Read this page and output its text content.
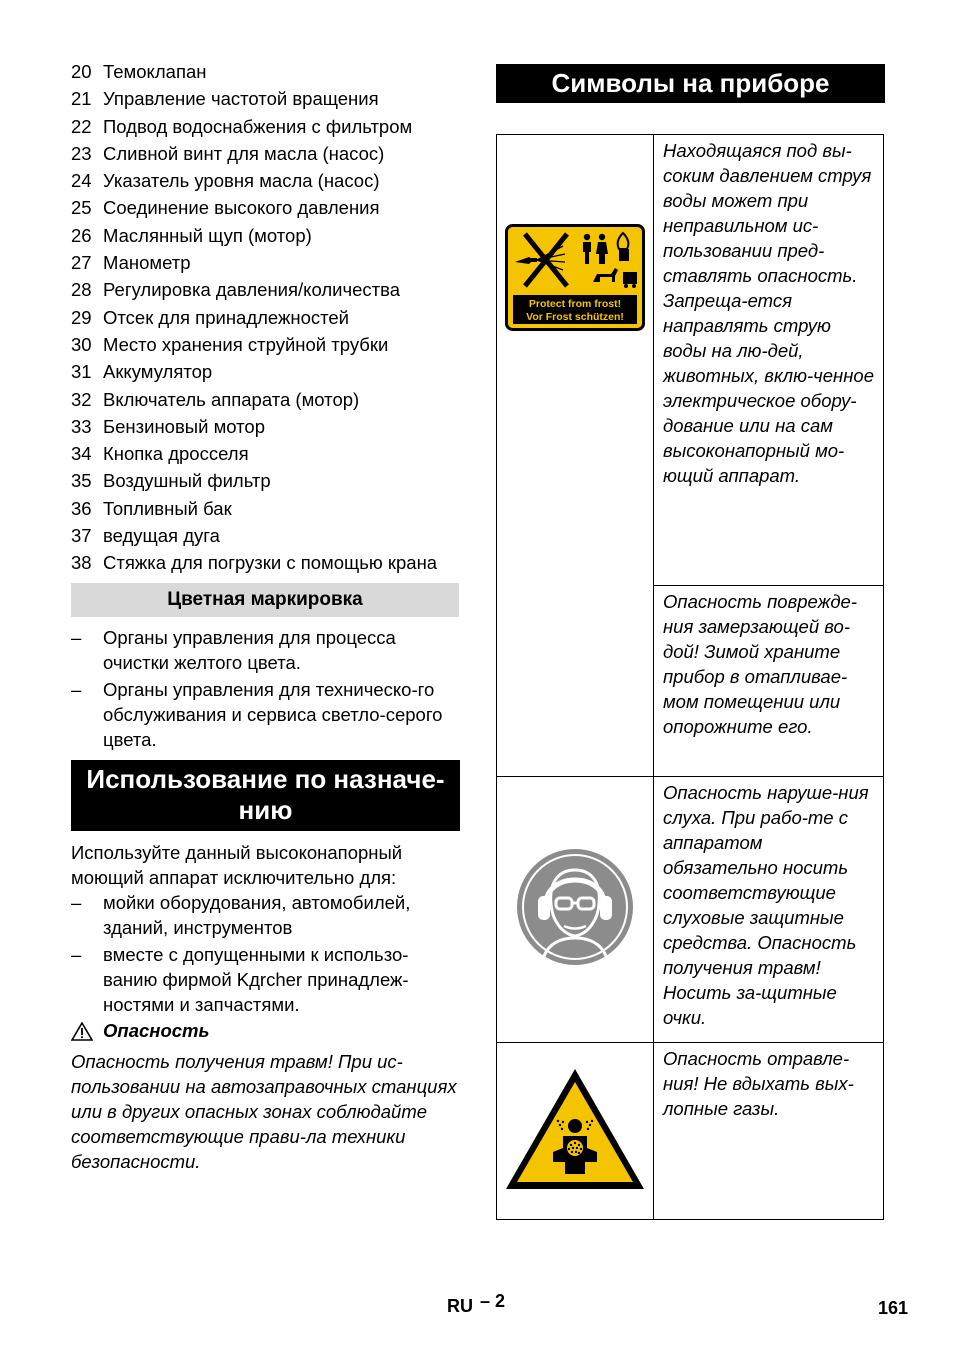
20 Темоклапан
21 Управление частотой вращения
22 Подвод водоснабжения с фильтром
23 Сливной винт для масла (насос)
24 Указатель уровня масла (насос)
25 Соединение высокого давления
26 Маслянный щуп (мотор)
27 Манометр
28 Регулировка давления/количества
29 Отсек для принадлежностей
30 Место хранения струйной трубки
31 Аккумулятор
32 Включатель аппарата (мотор)
33 Бензиновый мотор
34 Кнопка дросселя
35 Воздушный фильтр
36 Топливный бак
37 ведущая дуга
38 Стяжка для погрузки с помощью крана
Цветная маркировка
–	Органы управления для процесса очистки желтого цвета.
–	Органы управления для техническо-го обслуживания и сервиса светло-серого цвета.
Использование по назначе-нию
Используйте данный высоконапорный моющий аппарат исключительно для:
–	мойки оборудования, автомобилей, зданий, инструментов
–	вместе с допущенными к использо-ванию фирмой Kдrcher принадлеж-ностями и запчастями.
Опасность
Опасность получения травм! При ис-пользовании на автозаправочных станциях или в других опасных зонах соблюдайте соответствующие прави-ла техники безопасности.
Символы на приборе
Protect from frost!
Vor Frost schützen!	Находящаяся под вы-соким давлением струя воды может при неправильном ис-пользовании пред-ставлять опасность. Запреща-ется направлять струю воды на лю-дей, животных, вклю-ченное электрическое обору-дование или на сам высоконапорный мо-ющий аппарат.
	Опасность поврежде-ния замерзающей во-дой! Зимой храните прибор в отапливае-мом помещении или опорожните его.
	Опасность наруше-ния слуха. При рабо-те с аппаратом обязательно носить соответствующие слуховые защитные средства. Опасность получения травм! Носить за-щитные очки.
	Опасность отравле-ния! Не вдыхать вых-лопные газы.
RU – 2	161
